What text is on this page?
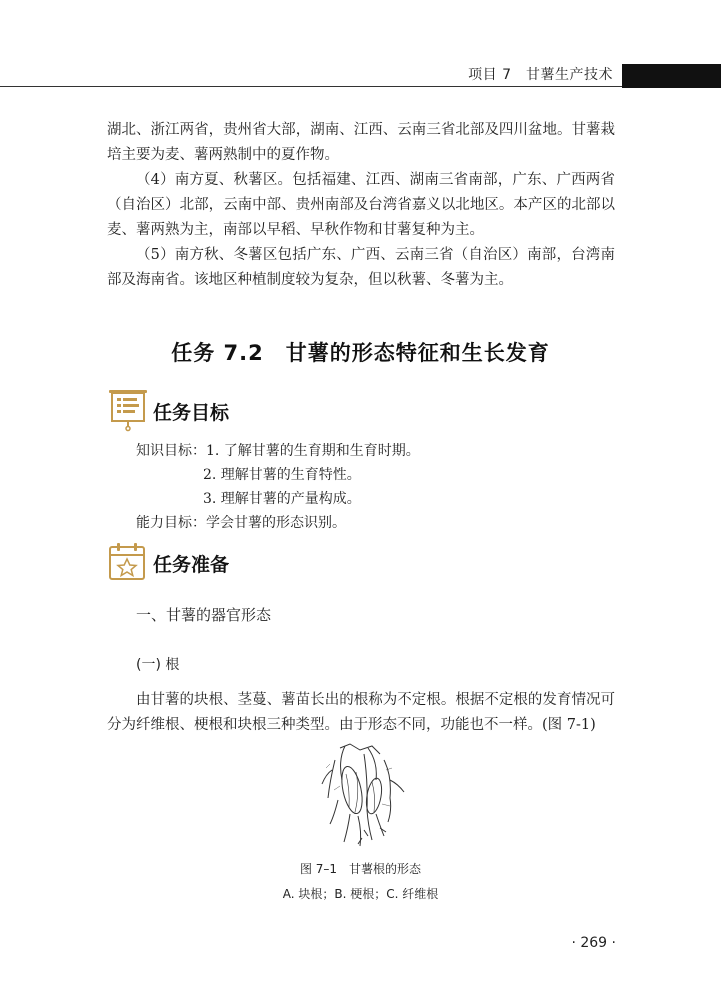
项目 7　甘薯生产技术

湖北、浙江两省，贵州省大部，湖南、江西、云南三省北部及四川盆地。甘薯栽培主要为麦、薯两熟制中的夏作物。

（4）南方夏、秋薯区。包括福建、江西、湖南三省南部，广东、广西两省（自治区）北部，云南中部、贵州南部及台湾省嘉义以北地区。本产区的北部以麦、薯两熟为主，南部以早稻、早秋作物和甘薯复种为主。

（5）南方秋、冬薯区包括广东、广西、云南三省（自治区）南部，台湾南部及海南省。该地区种植制度较为复杂，但以秋薯、冬薯为主。

任务 7.2　甘薯的形态特征和生长发育
任务目标
知识目标：1. 了解甘薯的生育期和生育时期。
2. 理解甘薯的生育特性。
3. 理解甘薯的产量构成。
能力目标：学会甘薯的形态识别。
任务准备
一、甘薯的器官形态
(一) 根

由甘薯的块根、茎蔓、薯苗长出的根称为不定根。根据不定根的发育情况可分为纤维根、梗根和块根三种类型。由于形态不同，功能也不一样。(图 7-1)

图 7–1　甘薯根的形态
A. 块根；B. 梗根；C. 纤维根
· 269 ·
